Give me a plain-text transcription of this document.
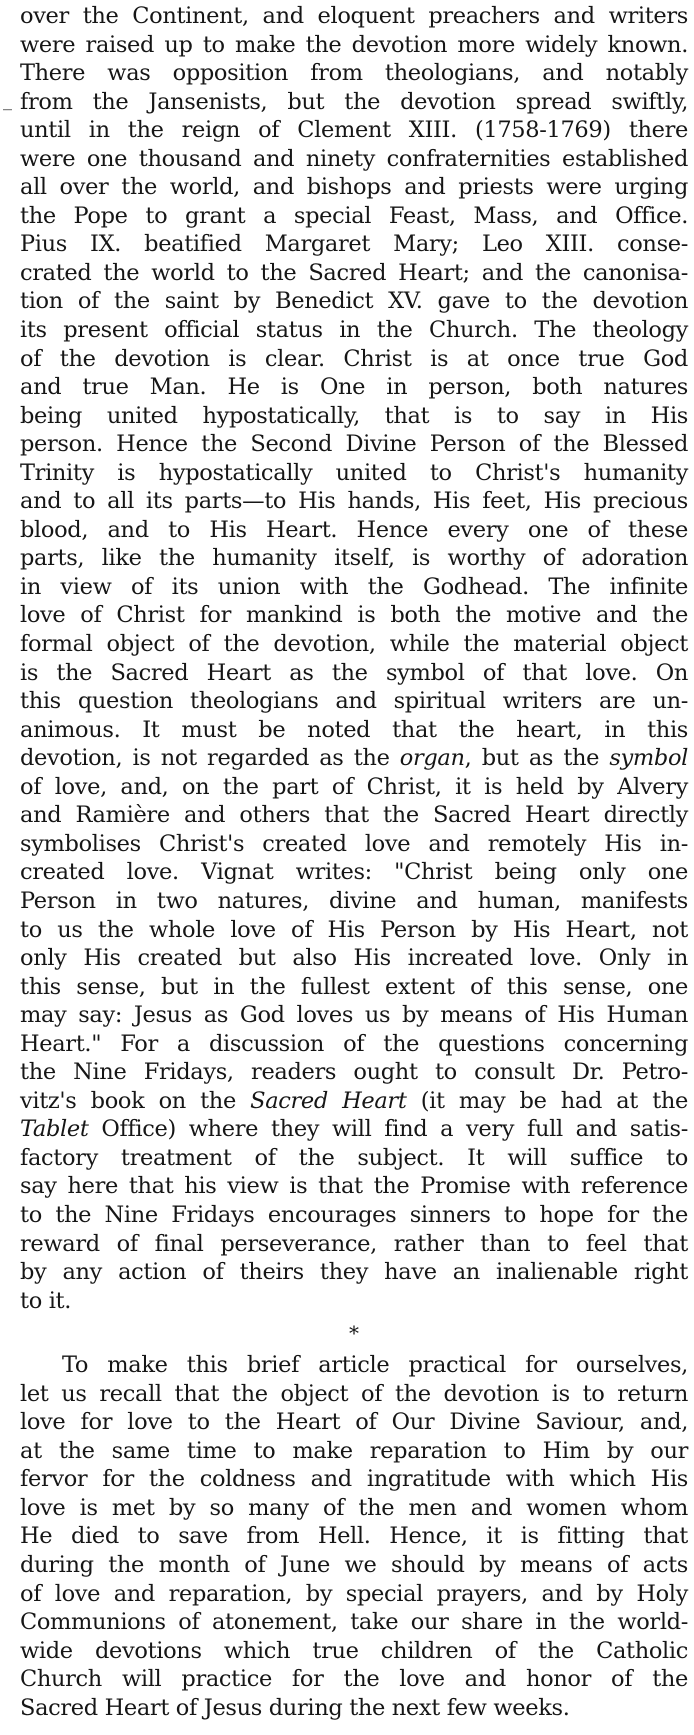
_
over the Continent, and eloquent preachers and writers
were raised up to make the devotion more widely known.
There was opposition from theologians, and notably
from the Jansenists, but the devotion spread swiftly,
until in the reign of Clement XIII. (1758-1769) there
were one thousand and ninety confraternities established
all over the world, and bishops and priests were urging
the Pope to grant a special Feast, Mass, and Office.
Pius IX. beatified Margaret Mary; Leo XIII. conse-
crated the world to the Sacred Heart; and the canonisa-
tion of the saint by Benedict XV. gave to the devotion
its present official status in the Church. The theology
of the devotion is clear. Christ is at once true God
and true Man. He is One in person, both natures
being united hypostatically, that is to say in His
person. Hence the Second Divine Person of the Blessed
Trinity is hypostatically united to Christ's humanity
and to all its parts—to His hands, His feet, His precious
blood, and to His Heart. Hence every one of these
parts, like the humanity itself, is worthy of adoration
in view of its union with the Godhead. The infinite
love of Christ for mankind is both the motive and the
formal object of the devotion, while the material object
is the Sacred Heart as the symbol of that love. On
this question theologians and spiritual writers are un-
animous. It must be noted that the heart, in this
devotion, is not regarded as the organ, but as the symbol
of love, and, on the part of Christ, it is held by Alvery
and Ramière and others that the Sacred Heart directly
symbolises Christ's created love and remotely His in-
created love. Vignat writes: "Christ being only one
Person in two natures, divine and human, manifests
to us the whole love of His Person by His Heart, not
only His created but also His increated love. Only in
this sense, but in the fullest extent of this sense, one
may say: Jesus as God loves us by means of His Human
Heart." For a discussion of the questions concerning
the Nine Fridays, readers ought to consult Dr. Petro-
vitz's book on the Sacred Heart (it may be had at the
Tablet Office) where they will find a very full and satis-
factory treatment of the subject. It will suffice to
say here that his view is that the Promise with reference
to the Nine Fridays encourages sinners to hope for the
reward of final perseverance, rather than to feel that
by any action of theirs they have an inalienable right
to it.
*
To make this brief article practical for ourselves,
let us recall that the object of the devotion is to return
love for love to the Heart of Our Divine Saviour, and,
at the same time to make reparation to Him by our
fervor for the coldness and ingratitude with which His
love is met by so many of the men and women whom
He died to save from Hell. Hence, it is fitting that
during the month of June we should by means of acts
of love and reparation, by special prayers, and by Holy
Communions of atonement, take our share in the world-
wide devotions which true children of the Catholic
Church will practice for the love and honor of the
Sacred Heart of Jesus during the next few weeks.
